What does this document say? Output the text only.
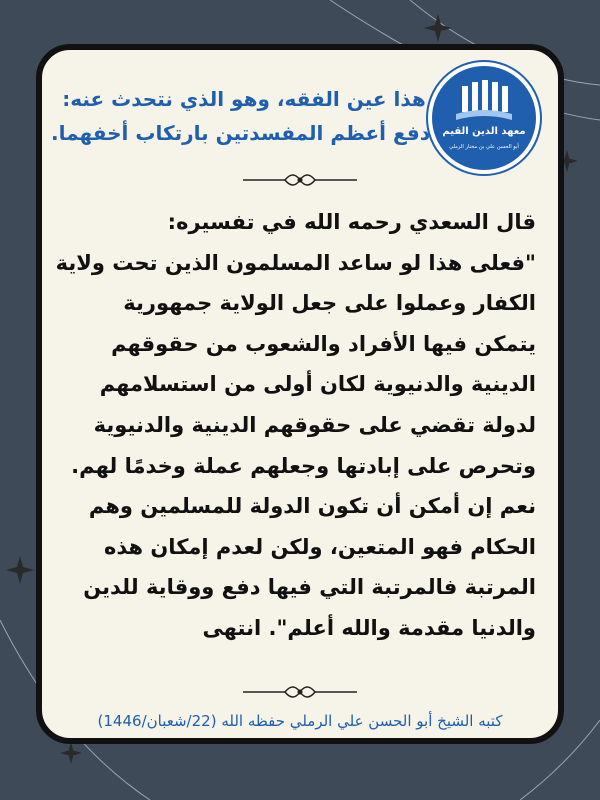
معهد الدين القيم
أبو الحسن علي بن مختار الرملي
هذا عين الفقه، وهو الذي نتحدث عنه:
دفع أعظم المفسدتين بارتكاب أخفهما.
قال السعدي رحمه الله في تفسيره:
"فعلى هذا لو ساعد المسلمون الذين تحت ولاية
الكفار وعملوا على جعل الولاية جمهورية
يتمكن فيها الأفراد والشعوب من حقوقهم
الدينية والدنيوية لكان أولى من استسلامهم
لدولة تقضي على حقوقهم الدينية والدنيوية
وتحرص على إبادتها وجعلهم عملة وخدمًا لهم.
نعم إن أمكن أن تكون الدولة للمسلمين وهم
الحكام فهو المتعين، ولكن لعدم إمكان هذه
المرتبة فالمرتبة التي فيها دفع ووقاية للدين
والدنيا مقدمة والله أعلم". انتهى
كتبه الشيخ أبو الحسن علي الرملي حفظه الله (22/شعبان/1446)
